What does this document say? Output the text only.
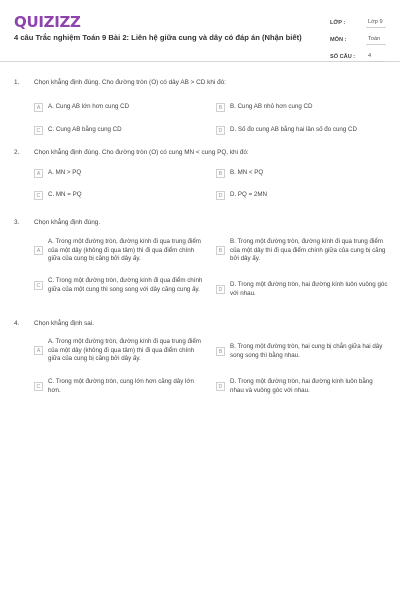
QUIZIZZ
4 câu Trắc nghiệm Toán 9 Bài 2: Liên hệ giữa cung và dây có đáp án (Nhận biết)
LỚP :	Lớp 9
MÔN :	Toán
SỐ CÂU :	4
1. Chọn khẳng định đúng. Cho đường tròn (O) có dây AB > CD khi đó:
A	A. Cung AB lớn hơn cung CD	B	B. Cung AB nhỏ hơn cung CD
C	C. Cung AB bằng cung CD	D	D. Số đo cung AB bằng hai lần số đo cung CD
2. Chọn khẳng định đúng. Cho đường tròn (O) có cung MN < cung PQ, khi đó:
A	A. MN > PQ	B	B. MN < PQ
C	C. MN = PQ	D	D. PQ = 2MN
3. Chọn khẳng định đúng.
A
A. Trong một đường tròn, đường kính đi qua trung điểm của một dây (không đi qua tâm) thì đi qua điểm chính giữa của cung bị căng bởi dây ấy.
B
B. Trong một đường tròn, đường kính đi qua trung điểm của một dây thì đi qua điểm chính giữa của cung bị căng bởi dây ấy.
C
C. Trong một đường tròn, đường kính đi qua điểm chính giữa của một cung thì song song với dây căng cung ấy.	D
D. Trong một đường tròn, hai đường kính luôn vuông góc với nhau.
4. Chọn khẳng định sai.
A
A. Trong một đường tròn, đường kính đi qua trung điểm của một dây (không đi qua tâm) thì đi qua điểm chính giữa của cung bị căng bởi dây ấy.
B
B. Trong một đường tròn, hai cung bị chắn giữa hai dây song song thì bằng nhau.
C
C. Trong một đường tròn, cung lớn hơn căng dây lớn hơn.	D
D. Trong một đường tròn, hai đường kính luôn bằng nhau và vuông góc với nhau.
